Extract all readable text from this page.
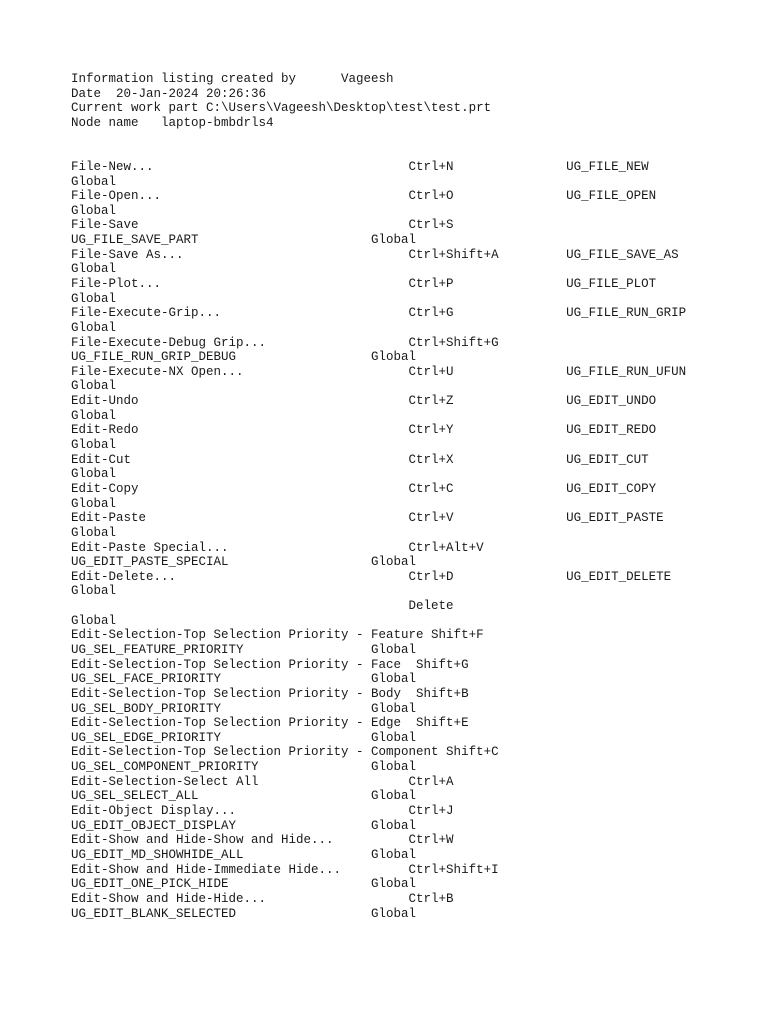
Information listing created by      Vageesh
Date  20-Jan-2024 20:26:36
Current work part C:\Users\Vageesh\Desktop\test\test.prt
Node name   laptop-bmbdrls4
File-New...                                  Ctrl+N               UG_FILE_NEW
Global
File-Open...                                 Ctrl+O               UG_FILE_OPEN
Global
File-Save                                    Ctrl+S
UG_FILE_SAVE_PART                       Global
File-Save As...                              Ctrl+Shift+A         UG_FILE_SAVE_AS
Global
File-Plot...                                 Ctrl+P               UG_FILE_PLOT
Global
File-Execute-Grip...                         Ctrl+G               UG_FILE_RUN_GRIP
Global
File-Execute-Debug Grip...                   Ctrl+Shift+G
UG_FILE_RUN_GRIP_DEBUG                  Global
File-Execute-NX Open...                      Ctrl+U               UG_FILE_RUN_UFUN
Global
Edit-Undo                                    Ctrl+Z               UG_EDIT_UNDO
Global
Edit-Redo                                    Ctrl+Y               UG_EDIT_REDO
Global
Edit-Cut                                     Ctrl+X               UG_EDIT_CUT
Global
Edit-Copy                                    Ctrl+C               UG_EDIT_COPY
Global
Edit-Paste                                   Ctrl+V               UG_EDIT_PASTE
Global
Edit-Paste Special...                        Ctrl+Alt+V
UG_EDIT_PASTE_SPECIAL                   Global
Edit-Delete...                               Ctrl+D               UG_EDIT_DELETE
Global
Delete
Global
Edit-Selection-Top Selection Priority - Feature Shift+F
UG_SEL_FEATURE_PRIORITY                 Global
Edit-Selection-Top Selection Priority - Face  Shift+G
UG_SEL_FACE_PRIORITY                    Global
Edit-Selection-Top Selection Priority - Body  Shift+B
UG_SEL_BODY_PRIORITY                    Global
Edit-Selection-Top Selection Priority - Edge  Shift+E
UG_SEL_EDGE_PRIORITY                    Global
Edit-Selection-Top Selection Priority - Component Shift+C
UG_SEL_COMPONENT_PRIORITY               Global
Edit-Selection-Select All                    Ctrl+A
UG_SEL_SELECT_ALL                       Global
Edit-Object Display...                       Ctrl+J
UG_EDIT_OBJECT_DISPLAY                  Global
Edit-Show and Hide-Show and Hide...          Ctrl+W
UG_EDIT_MD_SHOWHIDE_ALL                 Global
Edit-Show and Hide-Immediate Hide...         Ctrl+Shift+I
UG_EDIT_ONE_PICK_HIDE                   Global
Edit-Show and Hide-Hide...                   Ctrl+B
UG_EDIT_BLANK_SELECTED                  Global
